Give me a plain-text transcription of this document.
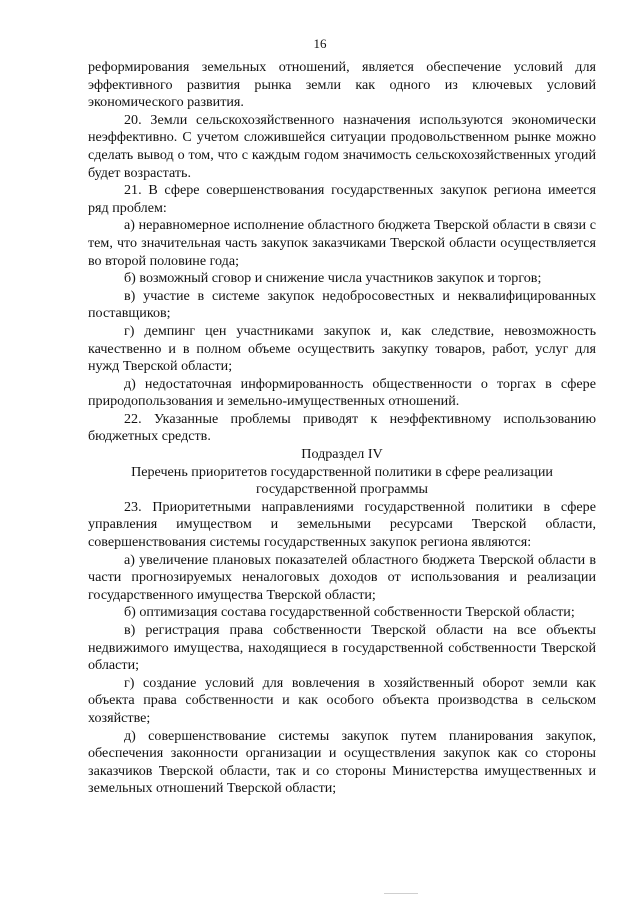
16

реформирования земельных отношений, является обеспечение условий для эффективного развития рынка земли как одного из ключевых условий экономического развития.

20. Земли сельскохозяйственного назначения используются экономически неэффективно. С учетом сложившейся ситуации продовольственном рынке можно сделать вывод о том, что с каждым годом значимость сельскохозяйственных угодий будет возрастать.

21. В сфере совершенствования государственных закупок региона имеется ряд проблем:

а) неравномерное исполнение областного бюджета Тверской области в связи с тем, что значительная часть закупок заказчиками Тверской области осуществляется во второй половине года;

б) возможный сговор и снижение числа участников закупок и торгов;

в) участие в системе закупок недобросовестных и неквалифицированных поставщиков;

г) демпинг цен участниками закупок и, как следствие, невозможность качественно и в полном объеме осуществить закупку товаров, работ, услуг для нужд Тверской области;

д) недостаточная информированность общественности о торгах в сфере природопользования и земельно-имущественных отношений.

22. Указанные проблемы приводят к неэффективному использованию бюджетных средств.

Подраздел IV

Перечень приоритетов государственной политики в сфере реализации государственной программы

23. Приоритетными направлениями государственной политики в сфере управления имуществом и земельными ресурсами Тверской области, совершенствования системы государственных закупок региона являются:

а) увеличение плановых показателей областного бюджета Тверской области в части прогнозируемых неналоговых доходов от использования и реализации государственного имущества Тверской области;

б) оптимизация состава государственной собственности Тверской области;

в) регистрация права собственности Тверской области на все объекты недвижимого имущества, находящиеся в государственной собственности Тверской области;

г) создание условий для вовлечения в хозяйственный оборот земли как объекта права собственности и как особого объекта производства в сельском хозяйстве;

д) совершенствование системы закупок путем планирования закупок, обеспечения законности организации и осуществления закупок как со стороны заказчиков Тверской области, так и со стороны Министерства имущественных и земельных отношений Тверской области;
